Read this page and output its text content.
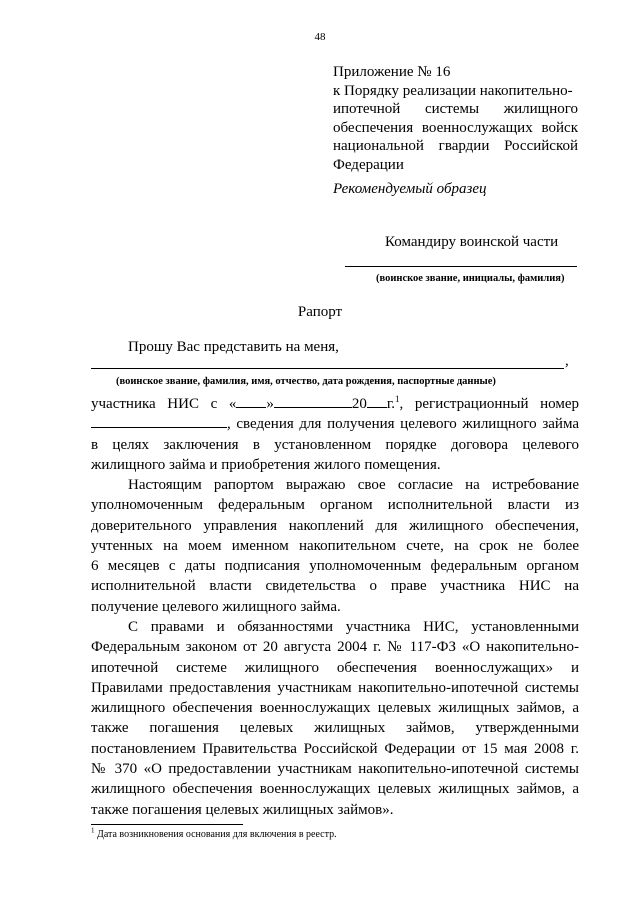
48
Приложение № 16
к Порядку реализации накопительно-
ипотечной системы жилищного
обеспечения военнослужащих войск
национальной гвардии Российской
Федерации
Рекомендуемый образец
Командиру воинской части
(воинское звание, инициалы, фамилия)
Рапорт
Прошу Вас представить на меня,
,
(воинское звание, фамилия, имя, отчество, дата рождения, паспортные данные)
участника НИС с « »	20 г.$^1$, регистрационный номер
, сведения для получения целевого жилищного займа
в целях заключения в установленном порядке договора целевого
жилищного займа и приобретения жилого помещения.
Настоящим рапортом выражаю свое согласие на истребование
уполномоченным федеральным органом исполнительной власти из
доверительного управления накоплений для жилищного обеспечения,
учтенных на моем именном накопительном счете, на срок не более
6 месяцев с даты подписания уполномоченным федеральным органом
исполнительной власти свидетельства о праве участника НИС на
получение целевого жилищного займа.
С правами и обязанностями участника НИС, установленными
Федеральным законом от 20 августа 2004 г. № 117-ФЗ «О накопительно-
ипотечной системе жилищного обеспечения военнослужащих» и
Правилами предоставления участникам накопительно-ипотечной системы
жилищного обеспечения военнослужащих целевых жилищных займов, а
также погашения целевых жилищных займов, утвержденными
постановлением Правительства Российской Федерации от 15 мая 2008 г.
№ 370 «О предоставлении участникам накопительно-ипотечной системы
жилищного обеспечения военнослужащих целевых жилищных займов, а
также погашения целевых жилищных займов».
$^1$ Дата возникновения основания для включения в реестр.
